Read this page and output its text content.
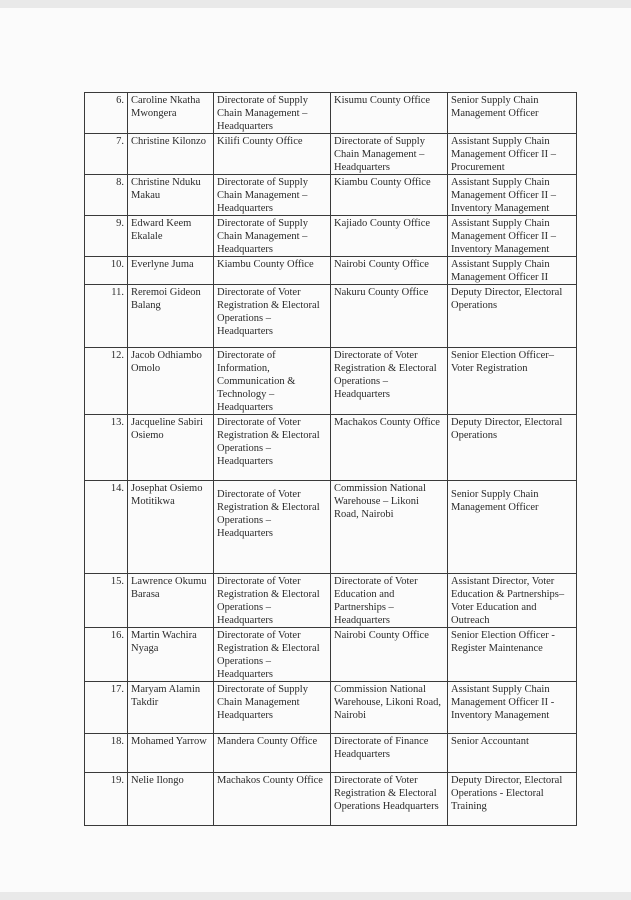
6.	Caroline Nkatha Mwongera	Directorate of Supply Chain Management – Headquarters	Kisumu County Office	Senior Supply Chain Management Officer
7.	Christine Kilonzo	Kilifi County Office	Directorate of Supply Chain Management – Headquarters	Assistant Supply Chain Management Officer II – Procurement
8.	Christine Nduku Makau	Directorate of Supply Chain Management – Headquarters	Kiambu County Office	Assistant Supply Chain Management Officer II – Inventory Management
9.	Edward Keem Ekalale	Directorate of Supply Chain Management – Headquarters	Kajiado County Office	Assistant Supply Chain Management Officer II – Inventory Management
10.	Everlyne Juma	Kiambu County Office	Nairobi County Office	Assistant Supply Chain Management Officer II
11.	Reremoi Gideon Balang	Directorate of Voter Registration & Electoral Operations – Headquarters	Nakuru County Office	Deputy Director, Electoral Operations
12.	Jacob Odhiambo Omolo	Directorate of Information, Communication & Technology – Headquarters	Directorate of Voter Registration & Electoral Operations – Headquarters	Senior Election Officer– Voter Registration
13.	Jacqueline Sabiri Osiemo	Directorate of Voter Registration & Electoral Operations – Headquarters	Machakos County Office	Deputy Director, Electoral Operations
14.	Josephat Osiemo Motitikwa	Directorate of Voter Registration & Electoral Operations – Headquarters	Commission National Warehouse – Likoni Road, Nairobi	Senior Supply Chain Management Officer
15.	Lawrence Okumu Barasa	Directorate of Voter Registration & Electoral Operations – Headquarters	Directorate of Voter Education and Partnerships – Headquarters	Assistant Director, Voter Education & Partnerships– Voter Education and Outreach
16.	Martin Wachira Nyaga	Directorate of Voter Registration & Electoral Operations – Headquarters	Nairobi County Office	Senior Election Officer - Register Maintenance
17.	Maryam Alamin Takdir	Directorate of Supply Chain Management Headquarters	Commission National Warehouse, Likoni Road, Nairobi	Assistant Supply Chain Management Officer II - Inventory Management
18.	Mohamed Yarrow	Mandera County Office	Directorate of Finance Headquarters	Senior Accountant
19.	Nelie Ilongo	Machakos County Office	Directorate of Voter Registration & Electoral Operations Headquarters	Deputy Director, Electoral Operations - Electoral Training
